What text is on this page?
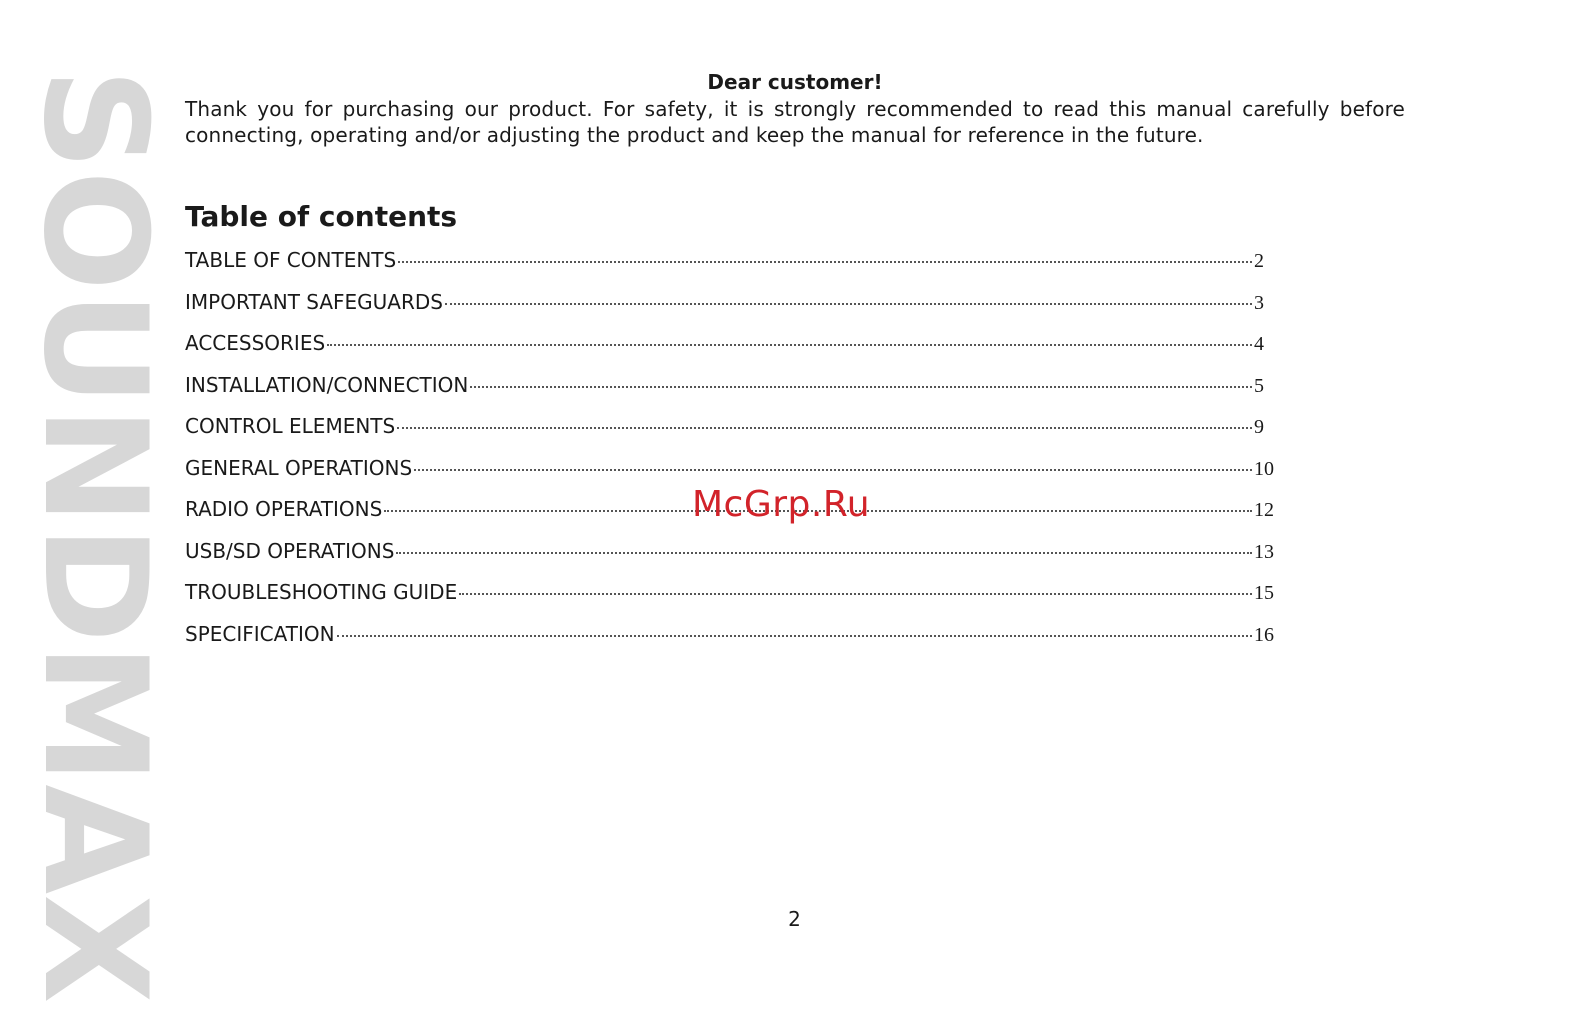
S
O
U
N
D
M
A
X
Dear customer!

Thank you for purchasing our product. For safety, it is strongly recommended to read this manual carefully before connecting, operating and/or adjusting the product and keep the manual for reference in the future.

Table of contents
TABLE OF CONTENTS	2
IMPORTANT SAFEGUARDS	3
ACCESSORIES	4
INSTALLATION/CONNECTION	5
CONTROL ELEMENTS	9
GENERAL OPERATIONS	10
RADIO OPERATIONS	12
USB/SD OPERATIONS	13
TROUBLESHOOTING GUIDE	15
SPECIFICATION	16

McGrp.Ru

2
